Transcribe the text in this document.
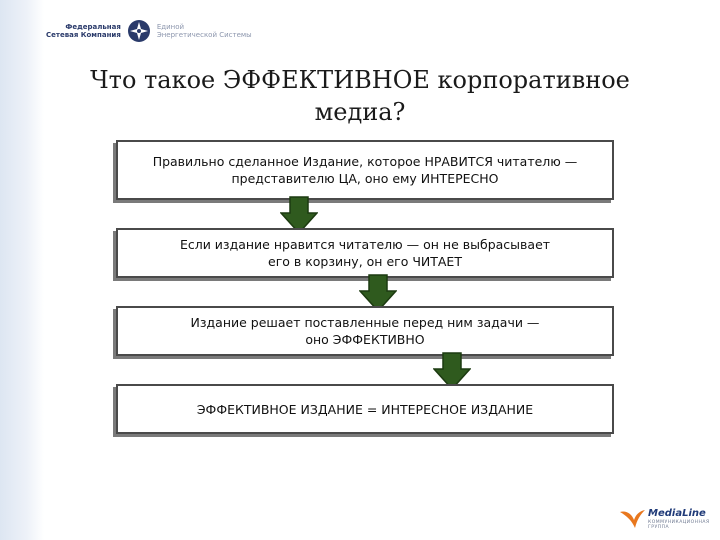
Федеральная
Сетевая Компания
Единой
Энергетической Системы
Что такое ЭФФЕКТИВНОЕ корпоративное
медиа?
Правильно сделанное Издание, которое НРАВИТСЯ читателю —
представителю ЦА, оно ему ИНТЕРЕСНО
Если издание нравится читателю — он не выбрасывает
его в корзину, он его ЧИТАЕТ
Издание решает поставленные перед ним задачи —
оно ЭФФЕКТИВНО
ЭФФЕКТИВНОЕ ИЗДАНИЕ = ИНТЕРЕСНОЕ ИЗДАНИЕ
MediaLine
КОММУНИКАЦИОННАЯ ГРУППА
